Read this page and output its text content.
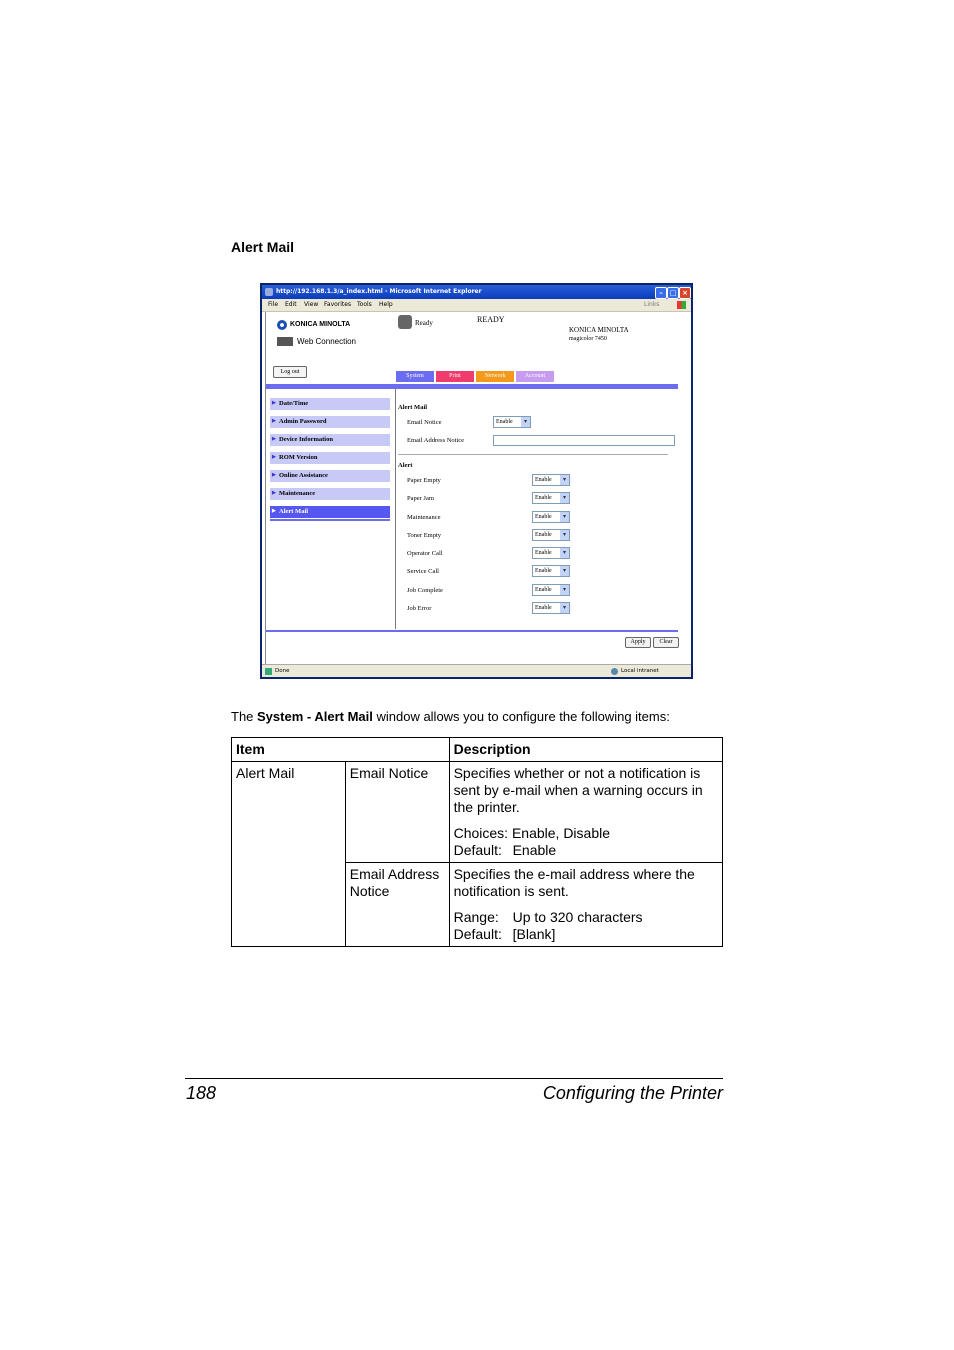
Alert Mail
http://192.168.1.3/a_index.html - Microsoft Internet Explorer	– □ ×
File Edit View Favorites Tools Help	Links
KONICA MINOLTA
Web Connection
Ready	READY
KONICA MINOLTA
magicolor 7450
Log out
System	Print	Network	Account
▶ Date/Time
▶ Admin Password
▶ Device Information
▶ ROM Version
▶ Online Assistance
▶ Maintenance
▶ Alert Mail
Alert Mail
Email Notice	Enable	▾
Email Address Notice
Alert
Paper Empty	Enable	▾
Paper Jam	Enable	▾
Maintenance	Enable	▾
Toner Empty	Enable	▾
Operator Call	Enable	▾
Service Call	Enable	▾
Job Complete	Enable	▾
Job Error	Enable	▾
Apply	Clear
Done	Local intranet
The System - Alert Mail window allows you to configure the following items:
Item		Description
Alert Mail	Email Notice	Specifies whether or not a notification is sent by e-mail when a warning occurs in the printer.
Choices: Enable, Disable
Default: Enable

	Email Address Notice	Specifies the e-mail address where the notification is sent.
Range: Up to 320 characters
Default: [Blank]
188	Configuring the Printer
